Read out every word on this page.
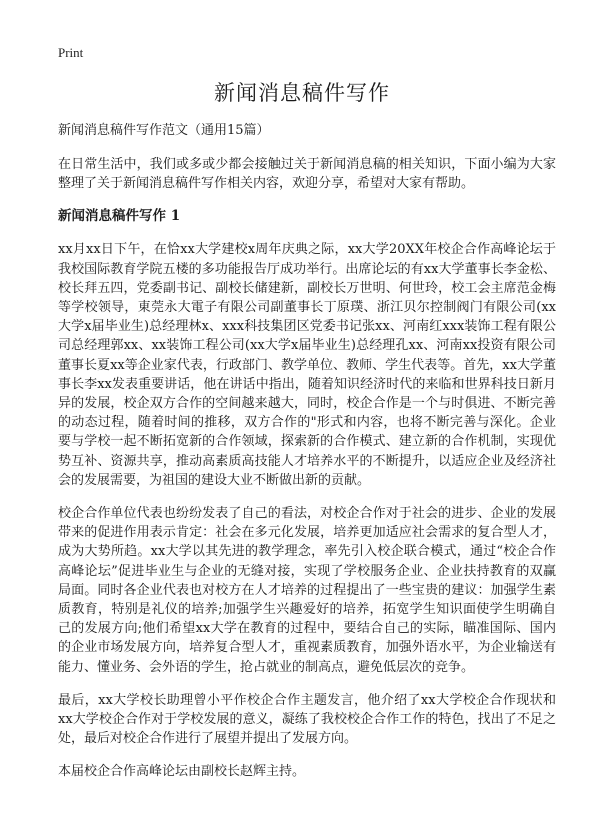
Print
新闻消息稿件写作

新闻消息稿件写作范文（通用15篇）

在日常生活中，我们或多或少都会接触过关于新闻消息稿的相关知识，下面小编为大家整理了关于新闻消息稿件写作相关内容，欢迎分享，希望对大家有帮助。

新闻消息稿件写作 1

xx月xx日下午，在恰xx大学建校x周年庆典之际，xx大学20XX年校企合作高峰论坛于我校国际教育学院五楼的多功能报告厅成功举行。出席论坛的有xx大学董事长李金松、校长拜五四，党委副书记、副校长储建新，副校长万世明、何世玲，校工会主席范金梅等学校领导，東莞永大電子有限公司副董事长丁原璞、浙江贝尔控制阀门有限公司(xx大学x届毕业生)总经理林x、xxx科技集团区党委书记张xx、河南红xxx装饰工程有限公司总经理郭xx、xx装饰工程公司(xx大学x届毕业生)总经理孔xx、河南xx投资有限公司董事长夏xx等企业家代表，行政部门、教学单位、教师、学生代表等。首先，xx大学董事长李xx发表重要讲话，他在讲话中指出，随着知识经济时代的来临和世界科技日新月异的发展，校企双方合作的空间越来越大，同时，校企合作是一个与时俱进、不断完善的动态过程，随着时间的推移，双方合作的"形式和内容，也将不断完善与深化。企业要与学校一起不断拓宽新的合作领域，探索新的合作模式、建立新的合作机制，实现优势互补、资源共享，推动高素质高技能人才培养水平的不断提升，以适应企业及经济社会的发展需要，为祖国的建设大业不断做出新的贡献。

校企合作单位代表也纷纷发表了自己的看法，对校企合作对于社会的进步、企业的发展带来的促进作用表示肯定：社会在多元化发展，培养更加适应社会需求的复合型人才，成为大势所趋。xx大学以其先进的教学理念，率先引入校企联合模式，通过“校企合作高峰论坛”促进毕业生与企业的无缝对接，实现了学校服务企业、企业扶持教育的双赢局面。同时各企业代表也对校方在人才培养的过程提出了一些宝贵的建议：加强学生素质教育，特别是礼仪的培养;加强学生兴趣爱好的培养，拓宽学生知识面使学生明确自己的发展方向;他们希望xx大学在教育的过程中，要结合自己的实际，瞄准国际、国内的企业市场发展方向，培养复合型人才，重视素质教育，加强外语水平，为企业输送有能力、懂业务、会外语的学生，抢占就业的制高点，避免低层次的竞争。

最后，xx大学校长助理曾小平作校企合作主题发言，他介绍了xx大学校企合作现状和xx大学校企合作对于学校发展的意义，凝练了我校校企合作工作的特色，找出了不足之处，最后对校企合作进行了展望并提出了发展方向。

本届校企合作高峰论坛由副校长赵辉主持。
